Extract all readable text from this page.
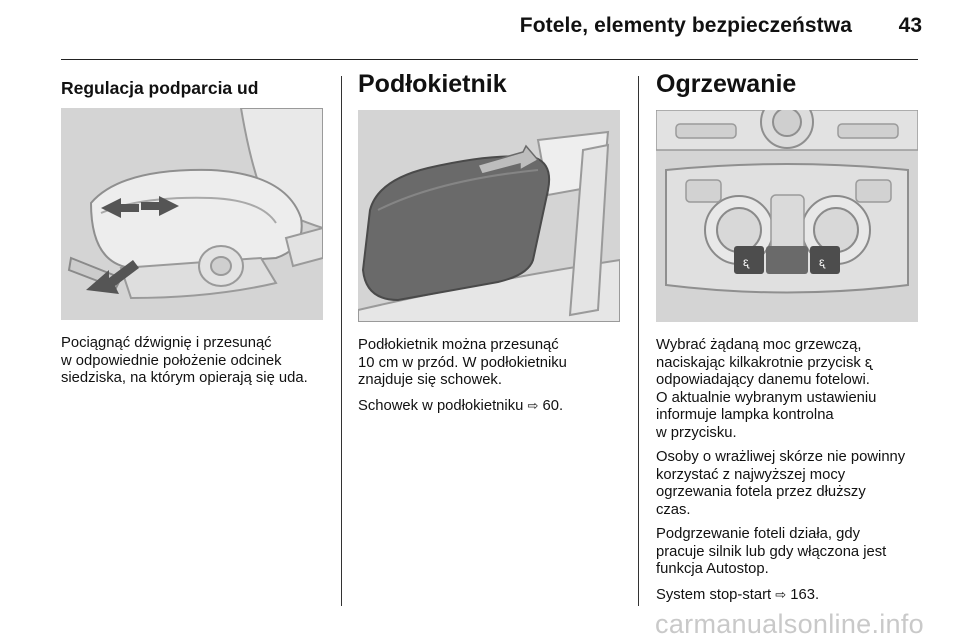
Fotele, elementy bezpieczeństwa 43
Regulacja podparcia ud

Pociągnąć dźwignię i przesunąć
w odpowiednie położenie odcinek
siedziska, na którym opierają się uda.

Podłokietnik

Podłokietnik można przesunąć
10 cm w przód. W podłokietniku
znajduje się schowek.

Schowek w podłokietniku ⇨ 60.

Ogrzewanie
ᶓ	ᶓ

Wybrać żądaną moc grzewczą,
naciskając kilkakrotnie przycisk ᶓ
odpowiadający danemu fotelowi.
O aktualnie wybranym ustawieniu
informuje lampka kontrolna
w przycisku.

Osoby o wrażliwej skórze nie powinny
korzystać z najwyższej mocy
ogrzewania fotela przez dłuższy
czas.

Podgrzewanie foteli działa, gdy
pracuje silnik lub gdy włączona jest
funkcja Autostop.

System stop-start ⇨ 163.

carmanualsonline.info
